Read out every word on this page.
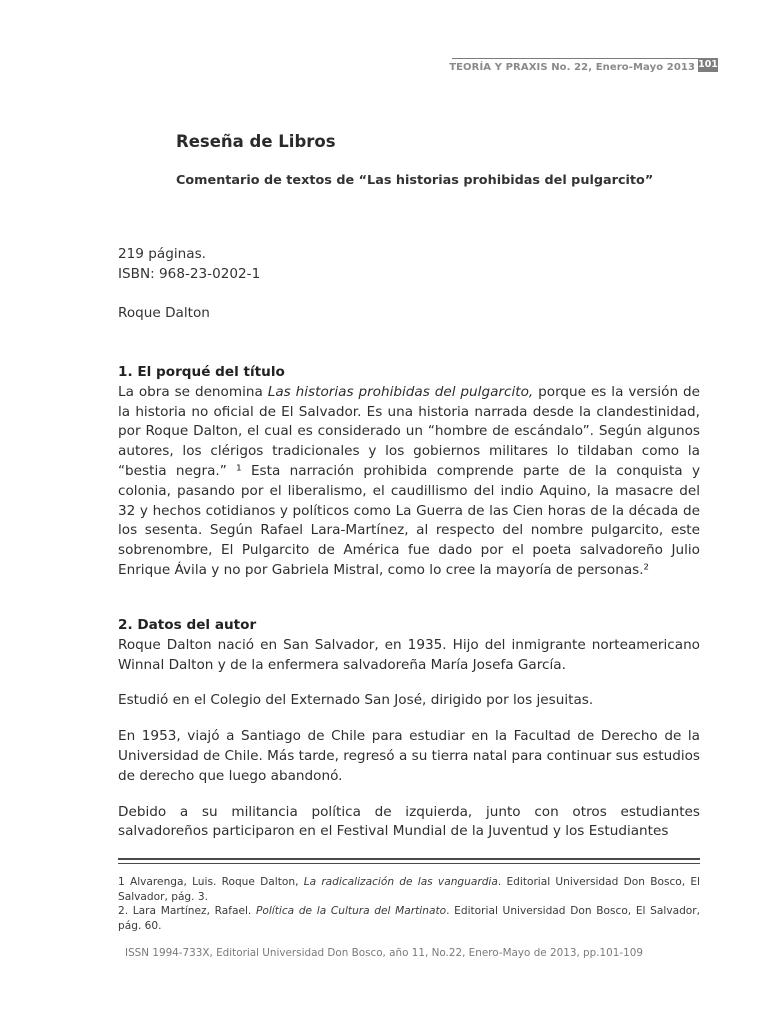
TEORÍA Y PRAXIS No. 22, Enero-Mayo 2013 101
Reseña de Libros
Comentario de textos de “Las historias prohibidas del pulgarcito”

219 páginas.

ISBN: 968-23-0202-1

Roque Dalton

1. El porqué del título

La obra se denomina Las historias prohibidas del pulgarcito, porque es la versión de la historia no oficial de El Salvador. Es una historia narrada desde la clandestinidad, por Roque Dalton, el cual es considerado un “hombre de escándalo”. Según algunos autores, los clérigos tradicionales y los gobiernos militares lo tildaban como la “bestia negra.” ¹ Esta narración prohibida comprende parte de la conquista y colonia, pasando por el liberalismo, el caudillismo del indio Aquino, la masacre del 32 y hechos cotidianos y políticos como La Guerra de las Cien horas de la década de los sesenta. Según Rafael Lara-Martínez, al respecto del nombre pulgarcito, este sobrenombre, El Pulgarcito de América fue dado por el poeta salvadoreño Julio Enrique Ávila y no por Gabriela Mistral, como lo cree la mayoría de personas.²

2. Datos del autor

Roque Dalton nació en San Salvador, en 1935. Hijo del inmigrante norteamericano Winnal Dalton y de la enfermera salvadoreña María Josefa García.

Estudió en el Colegio del Externado San José, dirigido por los jesuitas.

En 1953, viajó a Santiago de Chile para estudiar en la Facultad de Derecho de la Universidad de Chile. Más tarde, regresó a su tierra natal para continuar sus estudios de derecho que luego abandonó.

Debido a su militancia política de izquierda, junto con otros estudiantes salvadoreños participaron en el Festival Mundial de la Juventud y los Estudiantes

1 Alvarenga, Luis. Roque Dalton, La radicalización de las vanguardia. Editorial Universidad Don Bosco, El Salvador, pág. 3.

2. Lara Martínez, Rafael. Política de la Cultura del Martinato. Editorial Universidad Don Bosco, El Salvador, pág. 60.

ISSN 1994-733X, Editorial Universidad Don Bosco, año 11, No.22, Enero-Mayo de 2013, pp.101-109
